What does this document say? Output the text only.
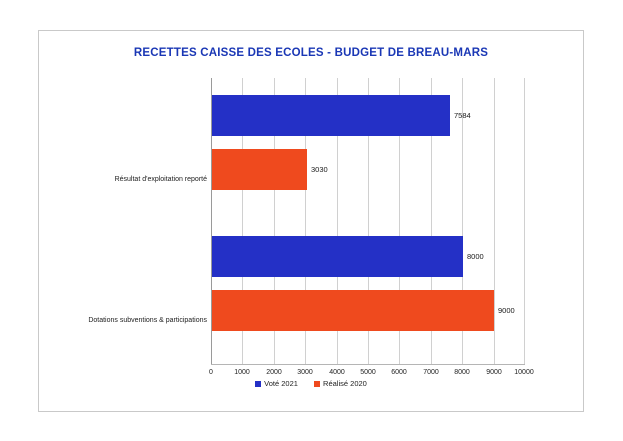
RECETTES CAISSE DES ECOLES - BUDGET DE BREAU-MARS
Résultat d'exploitation reporté
Dotations subventions & participations
7584
3030
8000
9000
0	1000	2000	3000	4000	5000	6000	7000	8000	9000	10000
Voté 2021	Réalisé 2020
